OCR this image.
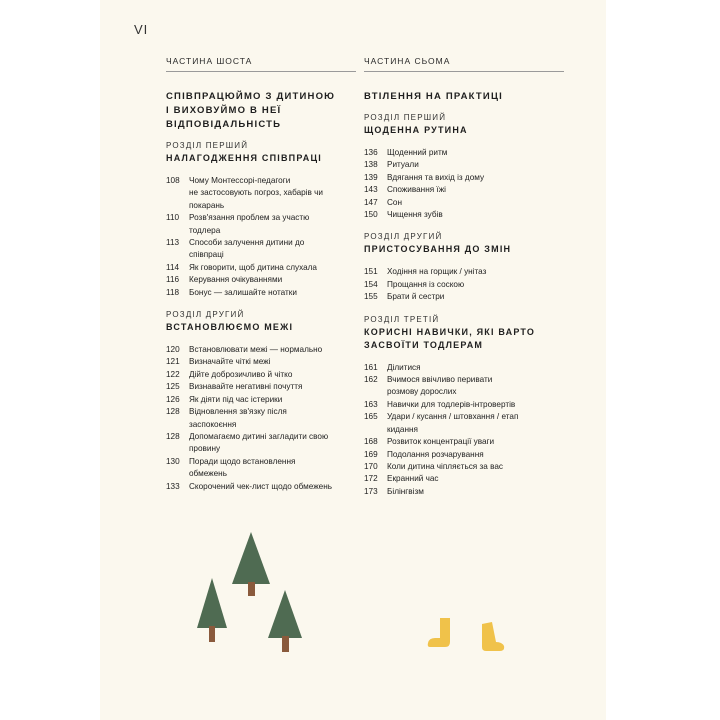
VI
ЧАСТИНА ШОСТА
СПІВПРАЦЮЙМО З ДИТИНОЮ
І ВИХОВУЙМО В НЕЇ
ВІДПОВІДАЛЬНІСТЬ
РОЗДІЛ ПЕРШИЙ
НАЛАГОДЖЕННЯ СПІВПРАЦІ
108	Чому Монтессорі-педагоги
не застосовують погроз, хабарів чи
покарань
110	Розв'язання проблем за участю
тодлера
113	Способи залучення дитини до
співпраці
114	Як говорити, щоб дитина слухала
116	Керування очікуваннями
118	Бонус — залишайте нотатки
РОЗДІЛ ДРУГИЙ
ВСТАНОВЛЮЄМО МЕЖІ
120	Встановлювати межі — нормально
121	Визначайте чіткі межі
122	Дійте доброзичливо й чітко
125	Визнавайте негативні почуття
126	Як діяти під час істерики
128	Відновлення зв'язку після
заспокоєння
128	Допомагаємо дитині загладити свою
провину
130	Поради щодо встановлення
обмежень
133	Скорочений чек-лист щодо обмежень
ЧАСТИНА СЬОМА
ВТІЛЕННЯ НА ПРАКТИЦІ
РОЗДІЛ ПЕРШИЙ
ЩОДЕННА РУТИНА
136	Щоденний ритм
138	Ритуали
139	Вдягання та вихід із дому
143	Споживання їжі
147	Сон
150	Чищення зубів
РОЗДІЛ ДРУГИЙ
ПРИСТОСУВАННЯ ДО ЗМІН
151	Ходіння на горщик / унітаз
154	Прощання із соскою
155	Брати й сестри
РОЗДІЛ ТРЕТІЙ
КОРИСНІ НАВИЧКИ, ЯКІ ВАРТО
ЗАСВОЇТИ ТОДЛЕРАМ
161	Ділитися
162	Вчимося ввічливо перивати
розмову дорослих
163	Навички для тодлерів-інтровертів
165	Удари / кусання / штовхання / етап
кидання
168	Розвиток концентрації уваги
169	Подолання розчарування
170	Коли дитина чіпляється за вас
172	Екранний час
173	Білінгвізм
